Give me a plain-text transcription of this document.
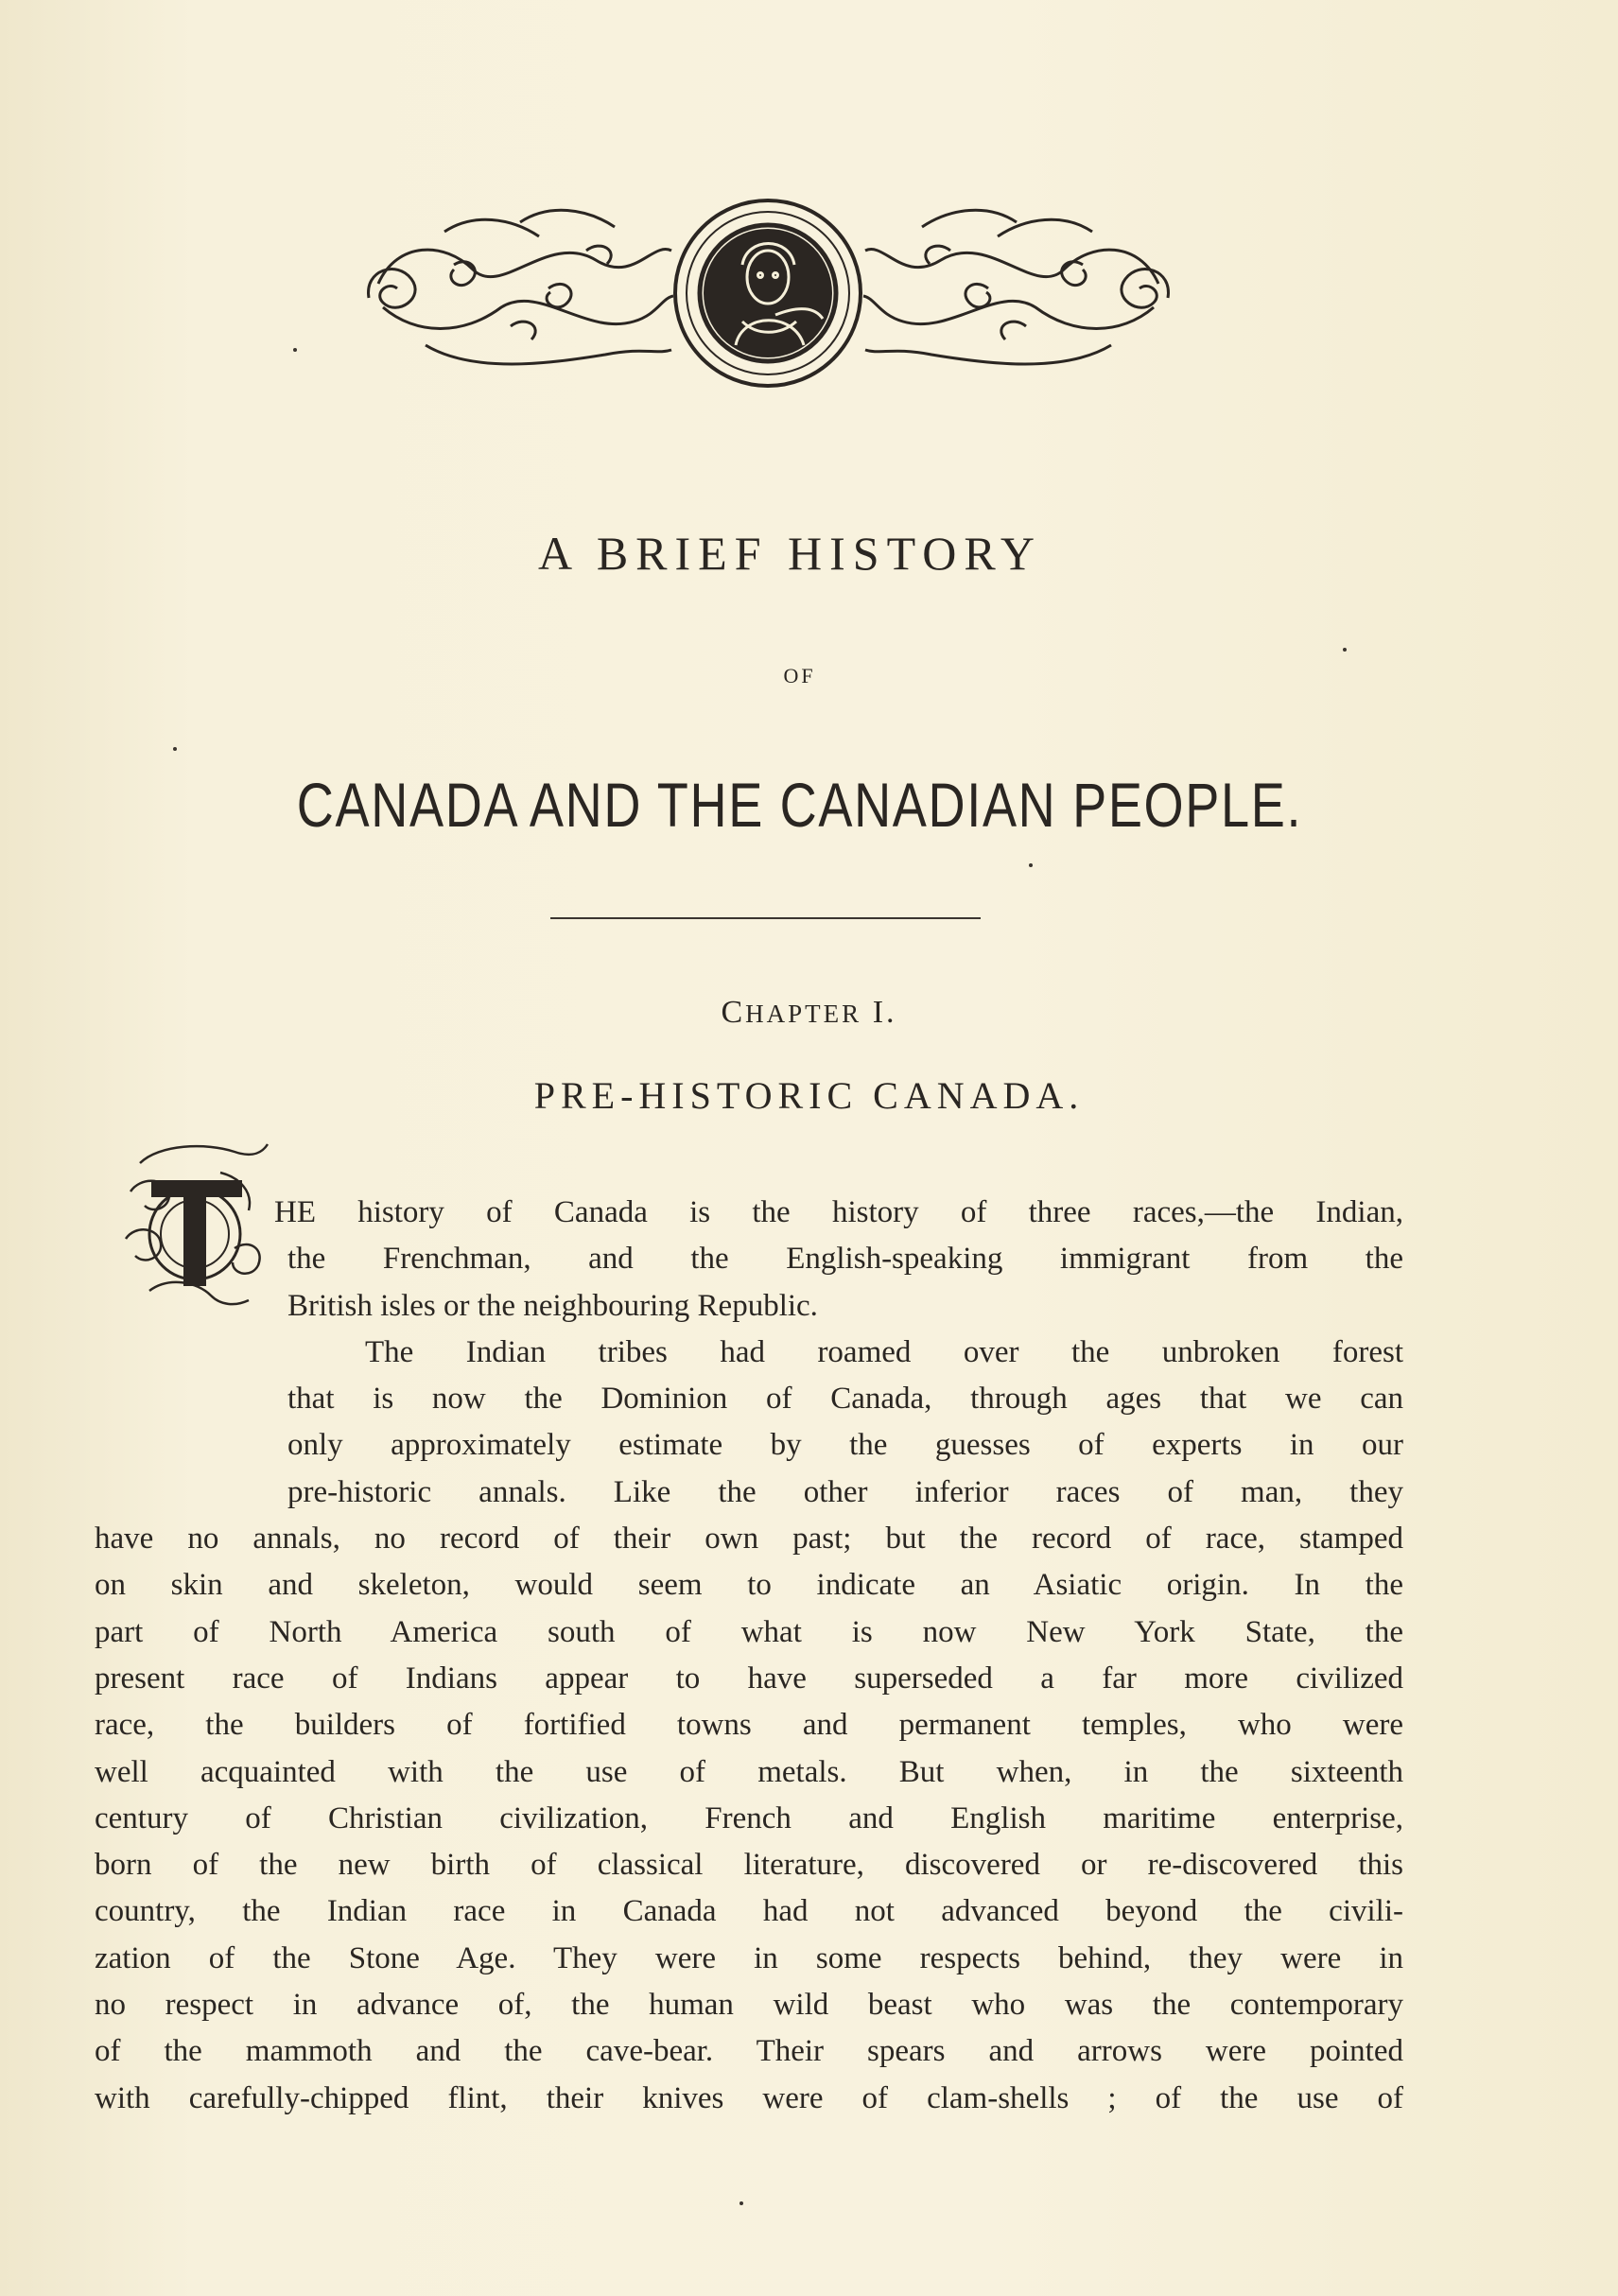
A BRIEF HISTORY
OF
CANADA AND THE CANADIAN PEOPLE.
CHAPTER I.
PRE-HISTORIC CANADA.
T
HE history of Canada is the history of three races,—the Indian,
the Frenchman, and the English-speaking immigrant from the
British isles or the neighbouring Republic.
The Indian tribes had roamed over the unbroken forest
that is now the Dominion of Canada, through ages that we can
only approximately estimate by the guesses of experts in our
pre-historic annals. Like the other inferior races of man, they
have no annals, no record of their own past; but the record of race, stamped
on skin and skeleton, would seem to indicate an Asiatic origin. In the
part of North America south of what is now New York State, the
present race of Indians appear to have superseded a far more civilized
race, the builders of fortified towns and permanent temples, who were
well acquainted with the use of metals. But when, in the sixteenth
century of Christian civilization, French and English maritime enterprise,
born of the new birth of classical literature, discovered or re-discovered this
country, the Indian race in Canada had not advanced beyond the civili-
zation of the Stone Age. They were in some respects behind, they were in
no respect in advance of, the human wild beast who was the contemporary
of the mammoth and the cave-bear. Their spears and arrows were pointed
with carefully-chipped flint, their knives were of clam-shells ; of the use of
